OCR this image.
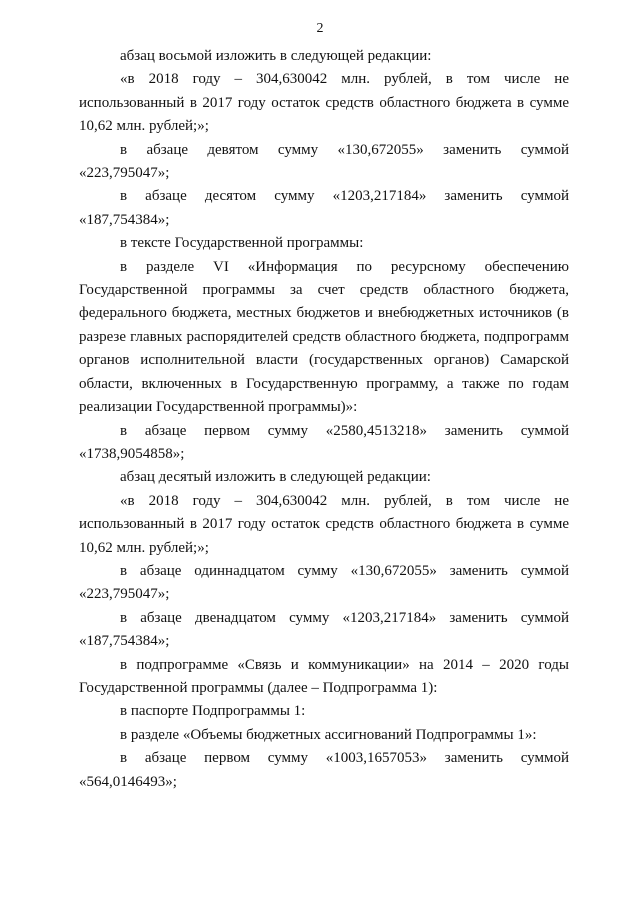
2

абзац восьмой изложить в следующей редакции:

«в 2018 году – 304,630042 млн. рублей, в том числе не использованный в 2017 году остаток средств областного бюджета в сумме 10,62 млн. рублей;»;

в абзаце девятом сумму «130,672055» заменить суммой «223,795047»;

в абзаце десятом сумму «1203,217184» заменить суммой «187,754384»;

в тексте Государственной программы:

в разделе VI «Информация по ресурсному обеспечению Государственной программы за счет средств областного бюджета, федерального бюджета, местных бюджетов и внебюджетных источников (в разрезе главных распорядителей средств областного бюджета, подпрограмм органов исполнительной власти (государственных органов) Самарской области, включенных в Государственную программу, а также по годам реализации Государственной программы)»:

в абзаце первом сумму «2580,4513218» заменить суммой «1738,9054858»;

абзац десятый изложить в следующей редакции:

«в 2018 году – 304,630042 млн. рублей, в том числе не использованный в 2017 году остаток средств областного бюджета в сумме 10,62 млн. рублей;»;

в абзаце одиннадцатом сумму «130,672055» заменить суммой «223,795047»;

в абзаце двенадцатом сумму «1203,217184» заменить суммой «187,754384»;

в подпрограмме «Связь и коммуникации» на 2014 – 2020 годы Государственной программы (далее – Подпрограмма 1):

в паспорте Подпрограммы 1:

в разделе «Объемы бюджетных ассигнований Подпрограммы 1»:

в абзаце первом сумму «1003,1657053» заменить суммой «564,0146493»;
